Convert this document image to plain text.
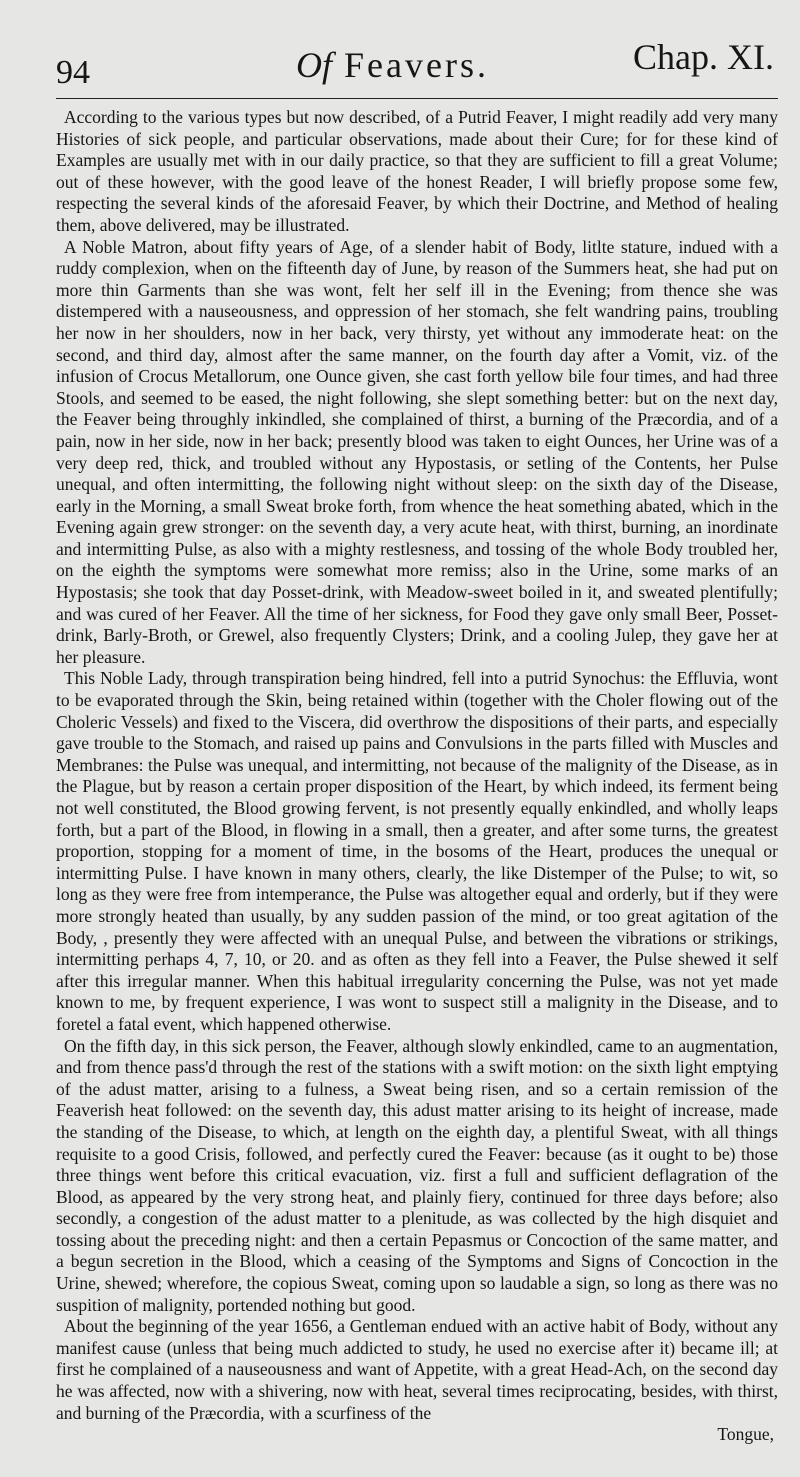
94	Of Feavers.	Chap. XI.

According to the various types but now described, of a Putrid Feaver, I might readily add very many Histories of sick people, and particular observations, made about their Cure; for for these kind of Examples are usually met with in our daily practice, so that they are sufficient to fill a great Volume; out of these however, with the good leave of the honest Reader, I will briefly propose some few, respecting the several kinds of the aforesaid Feaver, by which their Doctrine, and Method of healing them, above delivered, may be illustrated.

A Noble Matron, about fifty years of Age, of a slender habit of Body, litlte stature, indued with a ruddy complexion, when on the fifteenth day of June, by reason of the Summers heat, she had put on more thin Garments than she was wont, felt her self ill in the Evening; from thence she was distempered with a nauseousness, and oppression of her stomach, she felt wandring pains, troubling her now in her shoulders, now in her back, very thirsty, yet without any immoderate heat: on the second, and third day, almost after the same manner, on the fourth day after a Vomit, viz. of the infusion of Crocus Metallorum, one Ounce given, she cast forth yellow bile four times, and had three Stools, and seemed to be eased, the night following, she slept something better: but on the next day, the Feaver being throughly inkindled, she complained of thirst, a burning of the Præcordia, and of a pain, now in her side, now in her back; presently blood was taken to eight Ounces, her Urine was of a very deep red, thick, and troubled without any Hypostasis, or setling of the Contents, her Pulse unequal, and often intermitting, the following night without sleep: on the sixth day of the Disease, early in the Morning, a small Sweat broke forth, from whence the heat something abated, which in the Evening again grew stronger: on the seventh day, a very acute heat, with thirst, burning, an inordinate and intermitting Pulse, as also with a mighty restlesness, and tossing of the whole Body troubled her, on the eighth the symptoms were somewhat more remiss; also in the Urine, some marks of an Hypostasis; she took that day Posset-drink, with Meadow-sweet boiled in it, and sweated plentifully; and was cured of her Feaver. All the time of her sickness, for Food they gave only small Beer, Posset-drink, Barly-Broth, or Grewel, also frequently Clysters; Drink, and a cooling Julep, they gave her at her pleasure.

This Noble Lady, through transpiration being hindred, fell into a putrid Synochus: the Effluvia, wont to be evaporated through the Skin, being retained within (together with the Choler flowing out of the Choleric Vessels) and fixed to the Viscera, did overthrow the dispositions of their parts, and especially gave trouble to the Stomach, and raised up pains and Convulsions in the parts filled with Muscles and Membranes: the Pulse was unequal, and intermitting, not because of the malignity of the Disease, as in the Plague, but by reason a certain proper disposition of the Heart, by which indeed, its ferment being not well constituted, the Blood growing fervent, is not presently equally enkindled, and wholly leaps forth, but a part of the Blood, in flowing in a small, then a greater, and after some turns, the greatest proportion, stopping for a moment of time, in the bosoms of the Heart, produces the unequal or intermitting Pulse. I have known in many others, clearly, the like Distemper of the Pulse; to wit, so long as they were free from intemperance, the Pulse was altogether equal and orderly, but if they were more strongly heated than usually, by any sudden passion of the mind, or too great agitation of the Body, , presently they were affected with an unequal Pulse, and between the vibrations or strikings, intermitting perhaps 4, 7, 10, or 20. and as often as they fell into a Feaver, the Pulse shewed it self after this irregular manner. When this habitual irregularity concerning the Pulse, was not yet made known to me, by frequent experience, I was wont to suspect still a malignity in the Disease, and to foretel a fatal event, which happened otherwise.

On the fifth day, in this sick person, the Feaver, although slowly enkindled, came to an augmentation, and from thence pass'd through the rest of the stations with a swift motion: on the sixth light emptying of the adust matter, arising to a fulness, a Sweat being risen, and so a certain remission of the Feaverish heat followed: on the seventh day, this adust matter arising to its height of increase, made the standing of the Disease, to which, at length on the eighth day, a plentiful Sweat, with all things requisite to a good Crisis, followed, and perfectly cured the Feaver: because (as it ought to be) those three things went before this critical evacuation, viz. first a full and sufficient deflagration of the Blood, as appeared by the very strong heat, and plainly fiery, continued for three days before; also secondly, a congestion of the adust matter to a plenitude, as was collected by the high disquiet and tossing about the preceding night: and then a certain Pepasmus or Concoction of the same matter, and a begun secretion in the Blood, which a ceasing of the Symptoms and Signs of Concoction in the Urine, shewed; wherefore, the copious Sweat, coming upon so laudable a sign, so long as there was no suspition of malignity, portended nothing but good.

About the beginning of the year 1656, a Gentleman endued with an active habit of Body, without any manifest cause (unless that being much addicted to study, he used no exercise after it) became ill; at first he complained of a nauseousness and want of Appetite, with a great Head-Ach, on the second day he was affected, now with a shivering, now with heat, several times reciprocating, besides, with thirst, and burning of the Præcordia, with a scurfiness of the

Tongue,
